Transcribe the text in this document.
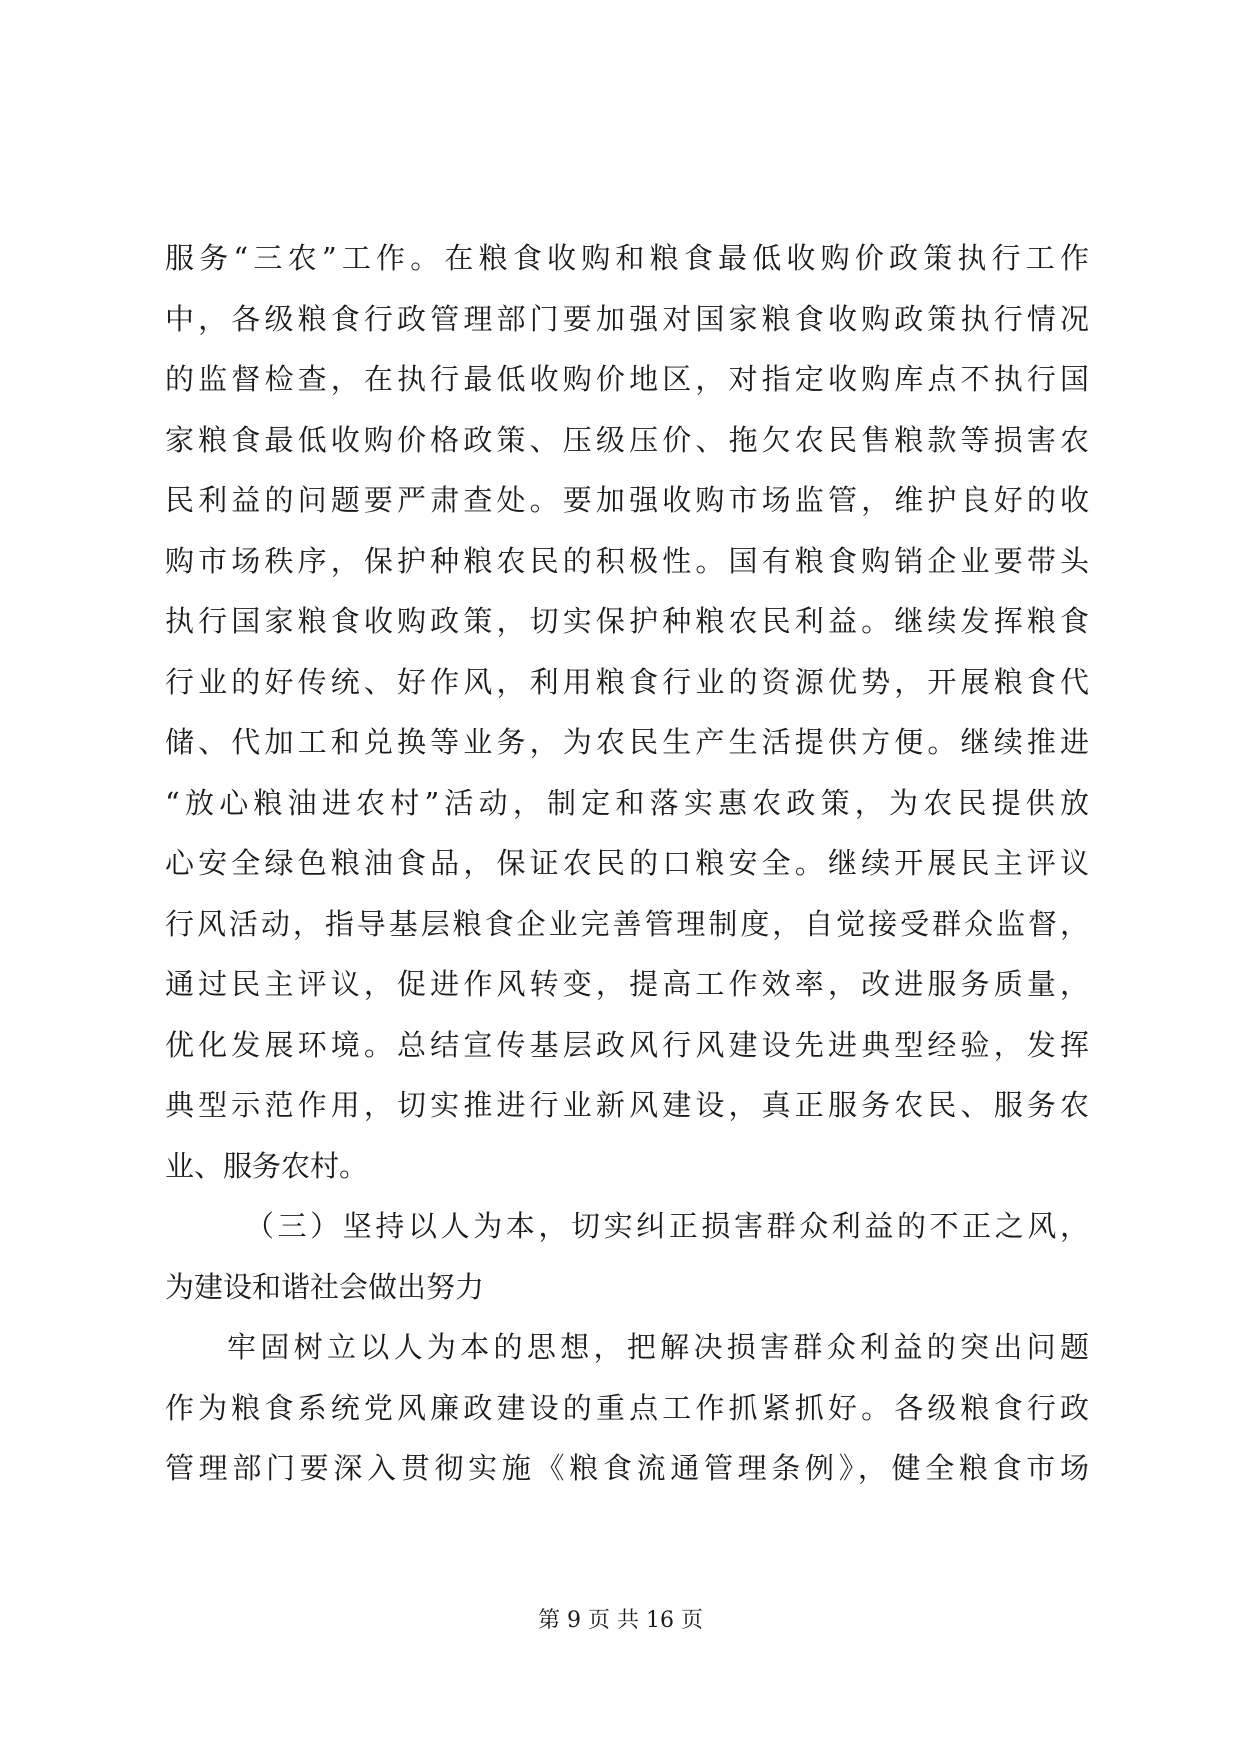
服务“三农”工作。在粮食收购和粮食最低收购价政策执行工作
中，各级粮食行政管理部门要加强对国家粮食收购政策执行情况
的监督检查，在执行最低收购价地区，对指定收购库点不执行国
家粮食最低收购价格政策、压级压价、拖欠农民售粮款等损害农
民利益的问题要严肃查处。要加强收购市场监管，维护良好的收
购市场秩序，保护种粮农民的积极性。国有粮食购销企业要带头
执行国家粮食收购政策，切实保护种粮农民利益。继续发挥粮食
行业的好传统、好作风，利用粮食行业的资源优势，开展粮食代
储、代加工和兑换等业务，为农民生产生活提供方便。继续推进
“放心粮油进农村”活动，制定和落实惠农政策，为农民提供放
心安全绿色粮油食品，保证农民的口粮安全。继续开展民主评议
行风活动，指导基层粮食企业完善管理制度，自觉接受群众监督，
通过民主评议，促进作风转变，提高工作效率，改进服务质量，
优化发展环境。总结宣传基层政风行风建设先进典型经验，发挥
典型示范作用，切实推进行业新风建设，真正服务农民、服务农
业、服务农村。
（三）坚持以人为本，切实纠正损害群众利益的不正之风，
为建设和谐社会做出努力
牢固树立以人为本的思想，把解决损害群众利益的突出问题
作为粮食系统党风廉政建设的重点工作抓紧抓好。各级粮食行政
管理部门要深入贯彻实施《粮食流通管理条例》，健全粮食市场
第 9 页 共 16 页
